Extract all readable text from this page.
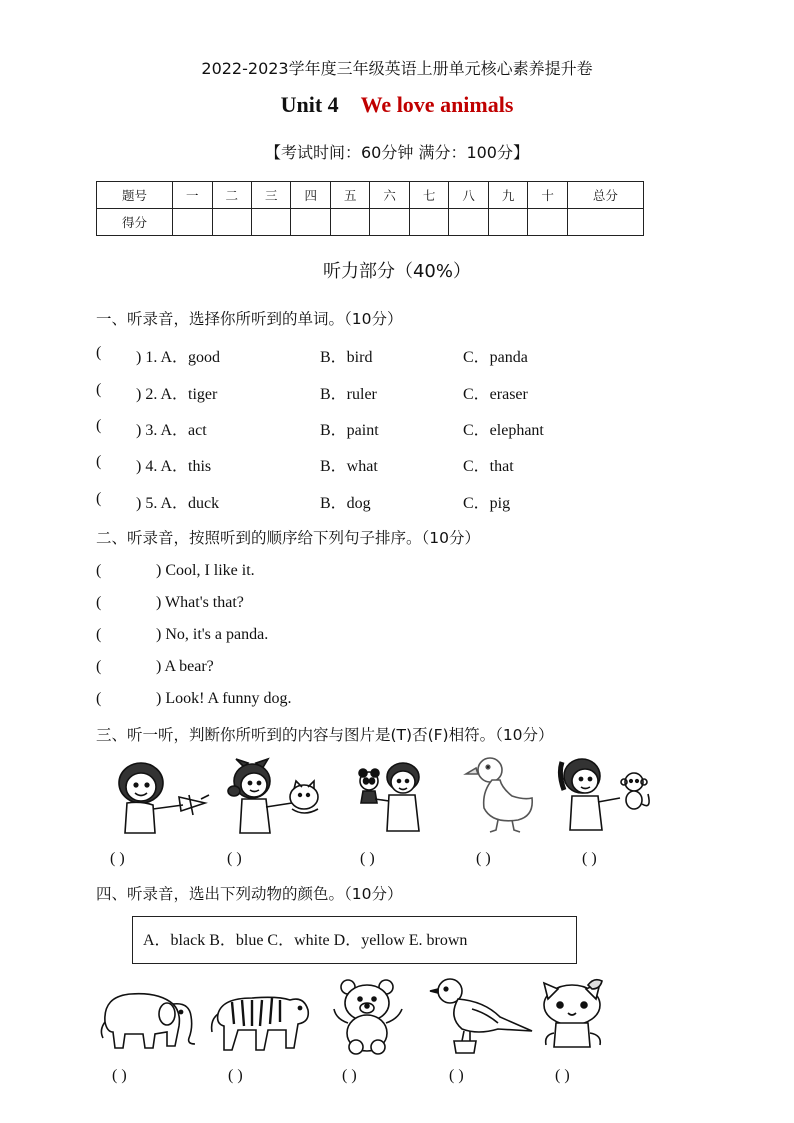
2022-2023学年度三年级英语上册单元核心素养提升卷
Unit 4 We love animals
【考试时间：60分钟 满分：100分】
题号	一	二	三	四	五	六	七	八	九	十	总分
得分											
听力部分（40%）
一、听录音，选择你所听到的单词。（10分）
( ) 1. A．good	B．bird	C．panda
( ) 2. A．tiger	B．ruler	C．eraser
( ) 3. A．act	B．paint	C．elephant
( ) 4. A．this	B．what	C．that
( ) 5. A．duck	B．dog	C．pig
二、听录音，按照听到的顺序给下列句子排序。（10分）
(	) Cool, I like it.
(	) What's that?
(	) No, it's a panda.
(	) A bear?
(	) Look! A funny dog.
三、听一听，判断你所听到的内容与图片是(T)否(F)相符。（10分）
( )	( )	( )	( )	( )
四、听录音，选出下列动物的颜色。（10分）
A．black B．blue C．white D．yellow E. brown
( )	( )	( )	( )	( )
